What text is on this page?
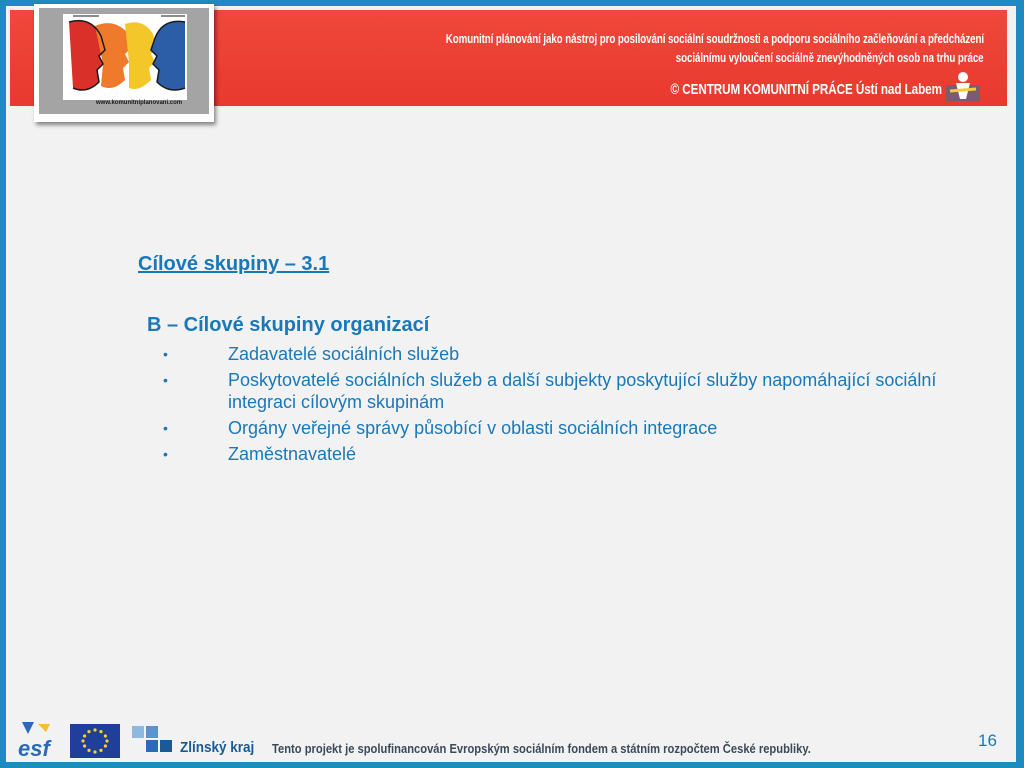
Komunitní plánování jako nástroj pro posilování sociální soudržnosti a podporu sociálního začleňování a předcházení
sociálnímu vyloučení sociálně znevýhodněných osob na trhu práce
© CENTRUM KOMUNITNÍ PRÁCE Ústí nad Labem
www.komunitniplanovani.com
Cílové skupiny – 3.1
B – Cílové skupiny organizací
•	Zadavatelé sociálních služeb
•	Poskytovatelé sociálních služeb a další subjekty poskytující služby napomáhající sociální integraci cílovým skupinám
•	Orgány veřejné správy působící v oblasti sociálních integrace
•	Zaměstnavatelé
esf	Zlínský kraj Tento projekt je spolufinancován Evropským sociálním fondem a státním rozpočtem České republiky.	16
